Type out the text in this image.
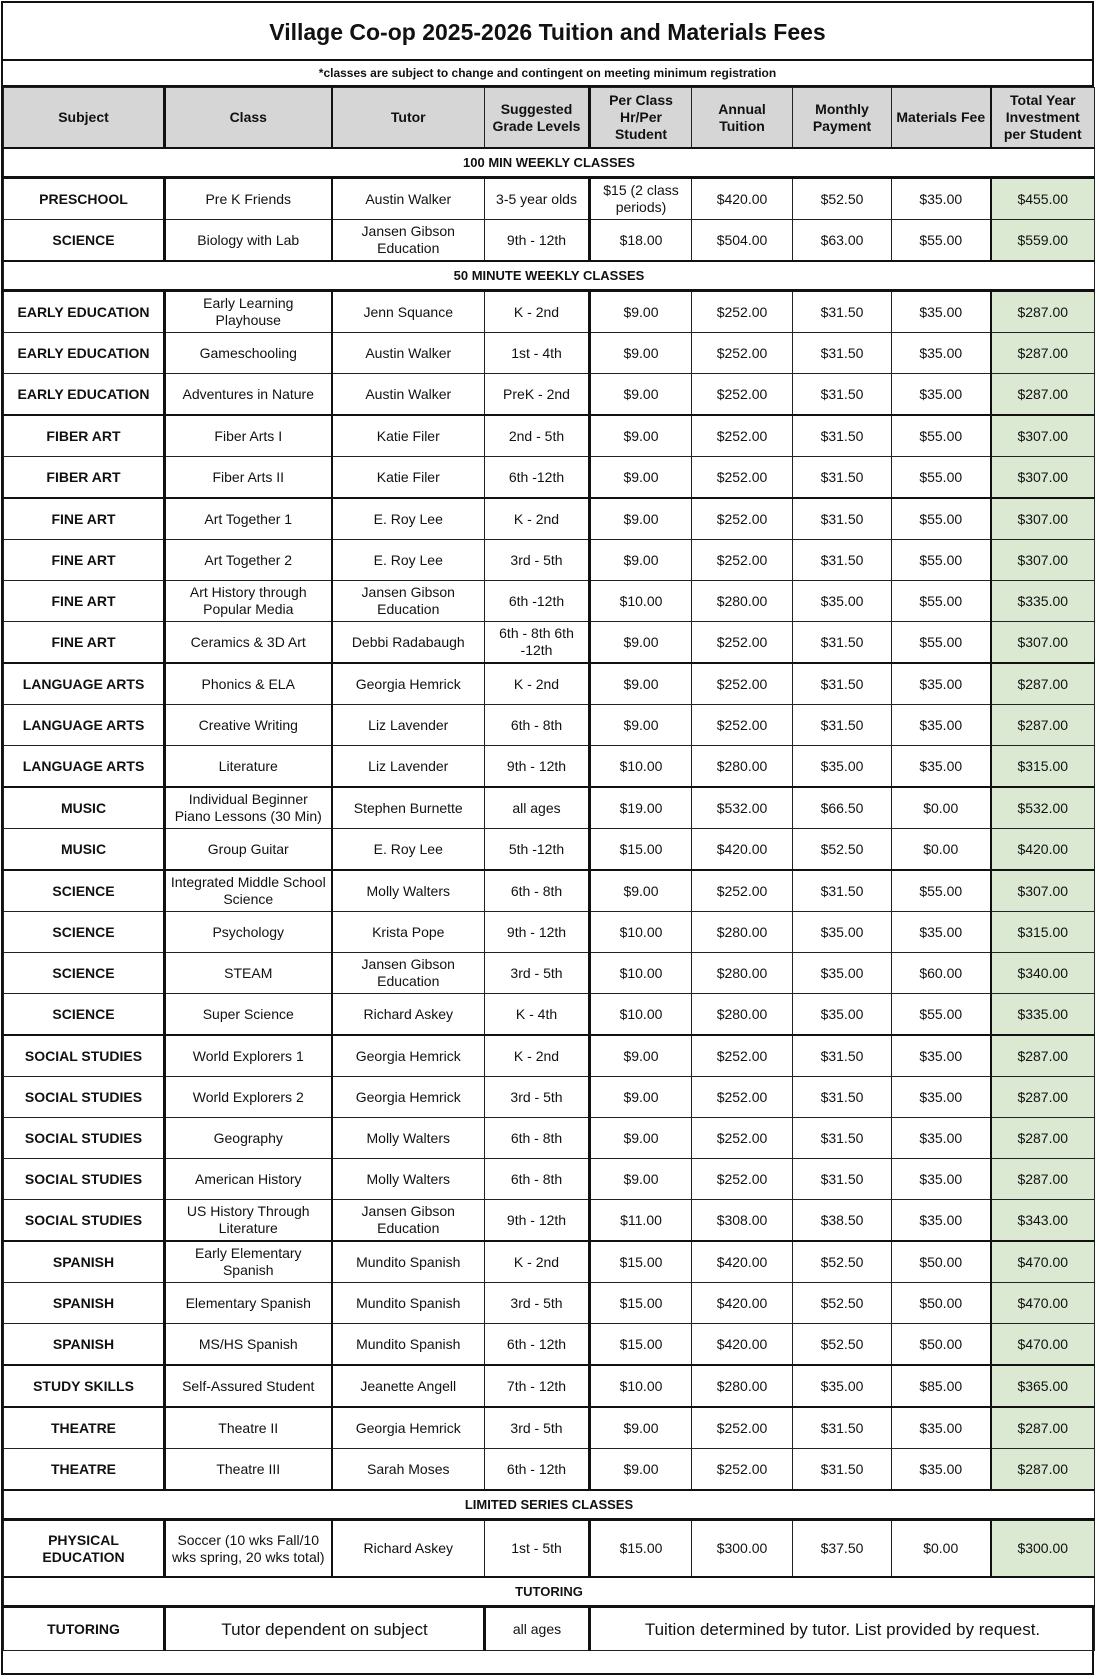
Village Co-op 2025-2026 Tuition and Materials Fees
*classes are subject to change and contingent on meeting minimum registration
Subject	Class	Tutor	Suggested Grade Levels	Per Class Hr/Per Student	Annual Tuition	Monthly Payment	Materials Fee	Total Year Investment per Student
100 MIN WEEKLY CLASSES								
PRESCHOOL	Pre K Friends	Austin Walker	3-5 year olds	$15 (2 class periods)	$420.00	$52.50	$35.00	$455.00
SCIENCE	Biology with Lab	Jansen Gibson Education	9th - 12th	$18.00	$504.00	$63.00	$55.00	$559.00
50 MINUTE WEEKLY CLASSES								
EARLY EDUCATION	Early Learning Playhouse	Jenn Squance	K - 2nd	$9.00	$252.00	$31.50	$35.00	$287.00
EARLY EDUCATION	Gameschooling	Austin Walker	1st - 4th	$9.00	$252.00	$31.50	$35.00	$287.00
EARLY EDUCATION	Adventures in Nature	Austin Walker	PreK - 2nd	$9.00	$252.00	$31.50	$35.00	$287.00
FIBER ART	Fiber Arts I	Katie Filer	2nd - 5th	$9.00	$252.00	$31.50	$55.00	$307.00
FIBER ART	Fiber Arts II	Katie Filer	6th -12th	$9.00	$252.00	$31.50	$55.00	$307.00
FINE ART	Art Together 1	E. Roy Lee	K - 2nd	$9.00	$252.00	$31.50	$55.00	$307.00
FINE ART	Art Together 2	E. Roy Lee	3rd - 5th	$9.00	$252.00	$31.50	$55.00	$307.00
FINE ART	Art History through Popular Media	Jansen Gibson Education	6th -12th	$10.00	$280.00	$35.00	$55.00	$335.00
FINE ART	Ceramics & 3D Art	Debbi Radabaugh	6th - 8th 6th -12th	$9.00	$252.00	$31.50	$55.00	$307.00
LANGUAGE ARTS	Phonics & ELA	Georgia Hemrick	K - 2nd	$9.00	$252.00	$31.50	$35.00	$287.00
LANGUAGE ARTS	Creative Writing	Liz Lavender	6th - 8th	$9.00	$252.00	$31.50	$35.00	$287.00
LANGUAGE ARTS	Literature	Liz Lavender	9th - 12th	$10.00	$280.00	$35.00	$35.00	$315.00
MUSIC	Individual Beginner Piano Lessons (30 Min)	Stephen Burnette	all ages	$19.00	$532.00	$66.50	$0.00	$532.00
MUSIC	Group Guitar	E. Roy Lee	5th -12th	$15.00	$420.00	$52.50	$0.00	$420.00
SCIENCE	Integrated Middle School Science	Molly Walters	6th - 8th	$9.00	$252.00	$31.50	$55.00	$307.00
SCIENCE	Psychology	Krista Pope	9th - 12th	$10.00	$280.00	$35.00	$35.00	$315.00
SCIENCE	STEAM	Jansen Gibson Education	3rd - 5th	$10.00	$280.00	$35.00	$60.00	$340.00
SCIENCE	Super Science	Richard Askey	K - 4th	$10.00	$280.00	$35.00	$55.00	$335.00
SOCIAL STUDIES	World Explorers 1	Georgia Hemrick	K - 2nd	$9.00	$252.00	$31.50	$35.00	$287.00
SOCIAL STUDIES	World Explorers 2	Georgia Hemrick	3rd - 5th	$9.00	$252.00	$31.50	$35.00	$287.00
SOCIAL STUDIES	Geography	Molly Walters	6th - 8th	$9.00	$252.00	$31.50	$35.00	$287.00
SOCIAL STUDIES	American History	Molly Walters	6th - 8th	$9.00	$252.00	$31.50	$35.00	$287.00
SOCIAL STUDIES	US History Through Literature	Jansen Gibson Education	9th - 12th	$11.00	$308.00	$38.50	$35.00	$343.00
SPANISH	Early Elementary Spanish	Mundito Spanish	K - 2nd	$15.00	$420.00	$52.50	$50.00	$470.00
SPANISH	Elementary Spanish	Mundito Spanish	3rd - 5th	$15.00	$420.00	$52.50	$50.00	$470.00
SPANISH	MS/HS Spanish	Mundito Spanish	6th - 12th	$15.00	$420.00	$52.50	$50.00	$470.00
STUDY SKILLS	Self-Assured Student	Jeanette Angell	7th - 12th	$10.00	$280.00	$35.00	$85.00	$365.00
THEATRE	Theatre II	Georgia Hemrick	3rd - 5th	$9.00	$252.00	$31.50	$35.00	$287.00
THEATRE	Theatre III	Sarah Moses	6th - 12th	$9.00	$252.00	$31.50	$35.00	$287.00
LIMITED SERIES CLASSES								
PHYSICAL EDUCATION	Soccer (10 wks Fall/10 wks spring, 20 wks total)	Richard Askey	1st - 5th	$15.00	$300.00	$37.50	$0.00	$300.00
TUTORING								
TUTORING	Tutor dependent on subject		all ages	Tuition determined by tutor. List provided by request.				
